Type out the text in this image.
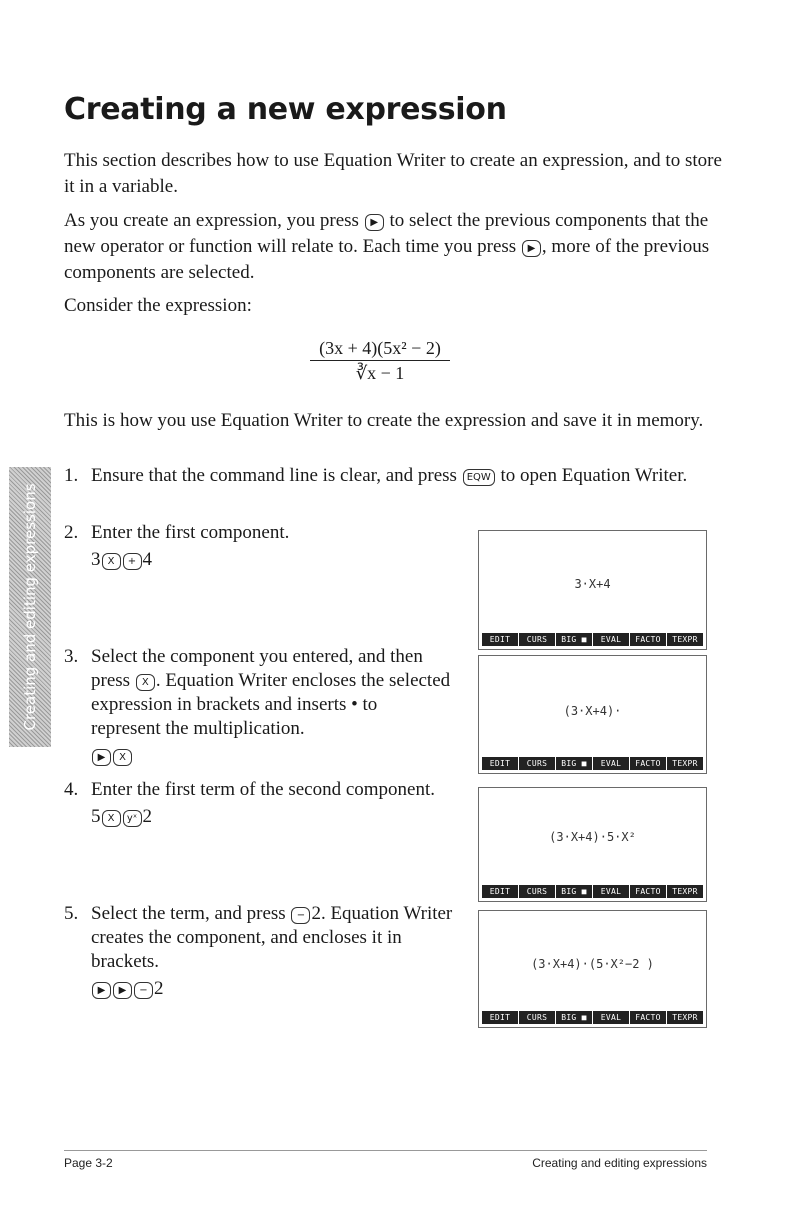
Creating a new expression

This section describes how to use Equation Writer to create an expression, and to store it in a variable.

As you create an expression, you press ▶ to select the previous components that the new operator or function will relate to. Each time you press ▶ , more of the previous components are selected.

Consider the expression:

$\frac{\text{(3x + 4)(5x² − 2)}}{∛x - 1}$

This is how you use Equation Writer to create the expression and save it in memory.

Creating and editing expressions
1. Ensure that the command line is clear, and press EQW to open Equation Writer.
2. Enter the first component.
3 X + 4
3. Select the component you entered, and then press X . Equation Writer encloses the selected expression in brackets and inserts • to represent the multiplication.
▶ X
4. Enter the first term of the second component.
5 X yˣ 2
5. Select the term, and press − 2. Equation Writer creates the component, and encloses it in brackets.
▶ ▶ − 2
3·X+4
EDIT	CURS	BIG ■	EVAL	FACTO	TEXPR
(3·X+4)·
EDIT	CURS	BIG ■	EVAL	FACTO	TEXPR
(3·X+4)·5·X²
EDIT	CURS	BIG ■	EVAL	FACTO	TEXPR
(3·X+4)·(5·X²−2 )
EDIT	CURS	BIG ■	EVAL	FACTO	TEXPR

Page 3-2	Creating and editing expressions
